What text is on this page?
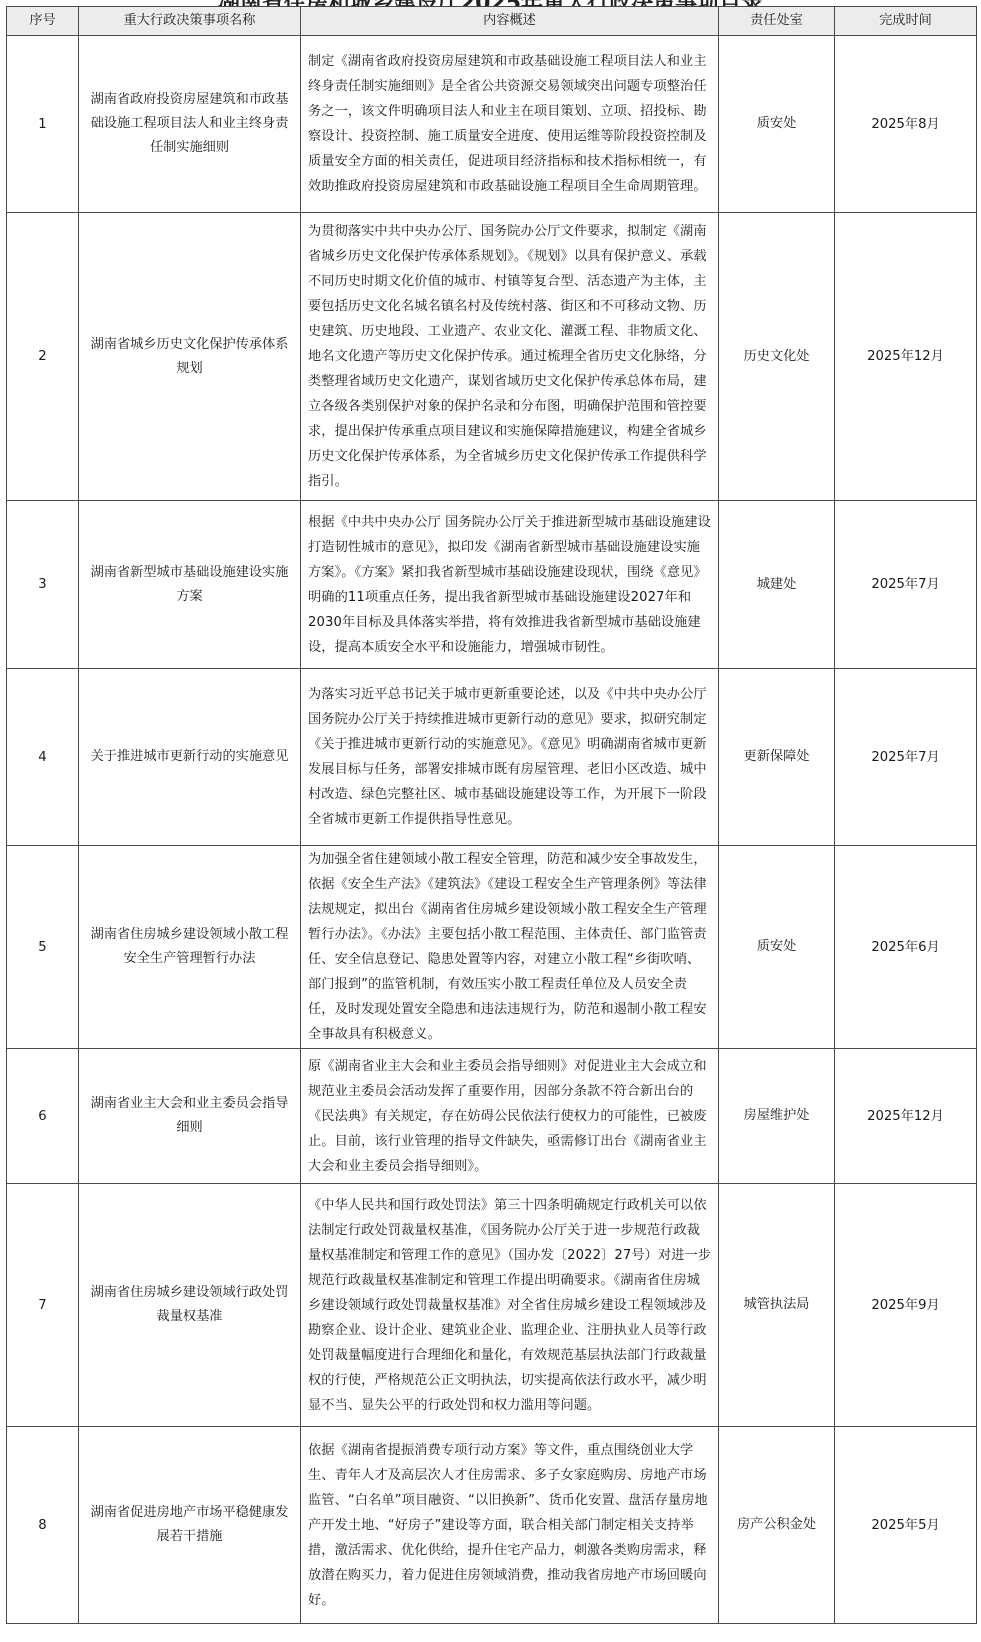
序号	重大行政决策事项名称	内容概述	责任处室	完成时间
1	湖南省政府投资房屋建筑和市政基础设施工程项目法人和业主终身责任制实施细则	制定《湖南省政府投资房屋建筑和市政基础设施工程项目法人和业主终身责任制实施细则》是全省公共资源交易领域突出问题专项整治任务之一，该文件明确项目法人和业主在项目策划、立项、招投标、勘察设计、投资控制、施工质量安全进度、使用运维等阶段投资控制及质量安全方面的相关责任，促进项目经济指标和技术指标相统一，有效助推政府投资房屋建筑和市政基础设施工程项目全生命周期管理。	质安处	2025年8月
2	湖南省城乡历史文化保护传承体系规划	为贯彻落实中共中央办公厅、国务院办公厅文件要求，拟制定《湖南省城乡历史文化保护传承体系规划》。《规划》以具有保护意义、承载不同历史时期文化价值的城市、村镇等复合型、活态遗产为主体，主要包括历史文化名城名镇名村及传统村落、街区和不可移动文物、历史建筑、历史地段、工业遗产、农业文化、灌溉工程、非物质文化、地名文化遗产等历史文化保护传承。通过梳理全省历史文化脉络，分类整理省域历史文化遗产，谋划省域历史文化保护传承总体布局，建立各级各类别保护对象的保护名录和分布图，明确保护范围和管控要求，提出保护传承重点项目建议和实施保障措施建议，构建全省城乡历史文化保护传承体系，为全省城乡历史文化保护传承工作提供科学指引。	历史文化处	2025年12月
3	湖南省新型城市基础设施建设实施方案	根据《中共中央办公厅 国务院办公厅关于推进新型城市基础设施建设打造韧性城市的意见》，拟印发《湖南省新型城市基础设施建设实施方案》。《方案》紧扣我省新型城市基础设施建设现状，围绕《意见》明确的11项重点任务，提出我省新型城市基础设施建设2027年和2030年目标及具体落实举措，将有效推进我省新型城市基础设施建设，提高本质安全水平和设施能力，增强城市韧性。	城建处	2025年7月
4	关于推进城市更新行动的实施意见	为落实习近平总书记关于城市更新重要论述，以及《中共中央办公厅 国务院办公厅关于持续推进城市更新行动的意见》要求，拟研究制定《关于推进城市更新行动的实施意见》。《意见》明确湖南省城市更新发展目标与任务，部署安排城市既有房屋管理、老旧小区改造、城中村改造、绿色完整社区、城市基础设施建设等工作，为开展下一阶段全省城市更新工作提供指导性意见。	更新保障处	2025年7月
5	湖南省住房城乡建设领域小散工程安全生产管理暂行办法	为加强全省住建领域小散工程安全管理，防范和减少安全事故发生，依据《安全生产法》《建筑法》《建设工程安全生产管理条例》等法律法规规定，拟出台《湖南省住房城乡建设领域小散工程安全生产管理暂行办法》。《办法》主要包括小散工程范围、主体责任、部门监管责任、安全信息登记、隐患处置等内容，对建立小散工程“乡街吹哨、部门报到”的监管机制，有效压实小散工程责任单位及人员安全责任，及时发现处置安全隐患和违法违规行为，防范和遏制小散工程安全事故具有积极意义。	质安处	2025年6月
6	湖南省业主大会和业主委员会指导细则	原《湖南省业主大会和业主委员会指导细则》对促进业主大会成立和规范业主委员会活动发挥了重要作用，因部分条款不符合新出台的《民法典》有关规定，存在妨碍公民依法行使权力的可能性，已被废止。目前，该行业管理的指导文件缺失，亟需修订出台《湖南省业主大会和业主委员会指导细则》。	房屋维护处	2025年12月
7	湖南省住房城乡建设领域行政处罚裁量权基准	《中华人民共和国行政处罚法》第三十四条明确规定行政机关可以依法制定行政处罚裁量权基准，《国务院办公厅关于进一步规范行政裁量权基准制定和管理工作的意见》（国办发〔2022〕27号）对进一步规范行政裁量权基准制定和管理工作提出明确要求。《湖南省住房城乡建设领域行政处罚裁量权基准》对全省住房城乡建设工程领域涉及勘察企业、设计企业、建筑业企业、监理企业、注册执业人员等行政处罚裁量幅度进行合理细化和量化，有效规范基层执法部门行政裁量权的行使，严格规范公正文明执法，切实提高依法行政水平，减少明显不当、显失公平的行政处罚和权力滥用等问题。	城管执法局	2025年9月
8	湖南省促进房地产市场平稳健康发展若干措施	依据《湖南省提振消费专项行动方案》等文件，重点围绕创业大学生、青年人才及高层次人才住房需求、多子女家庭购房、房地产市场监管、“白名单”项目融资、“以旧换新”、货币化安置、盘活存量房地产开发土地、“好房子”建设等方面，联合相关部门制定相关支持举措，激活需求、优化供给，提升住宅产品力，刺激各类购房需求，释放潜在购买力，着力促进住房领域消费，推动我省房地产市场回暖向好。	房产公积金处	2025年5月
